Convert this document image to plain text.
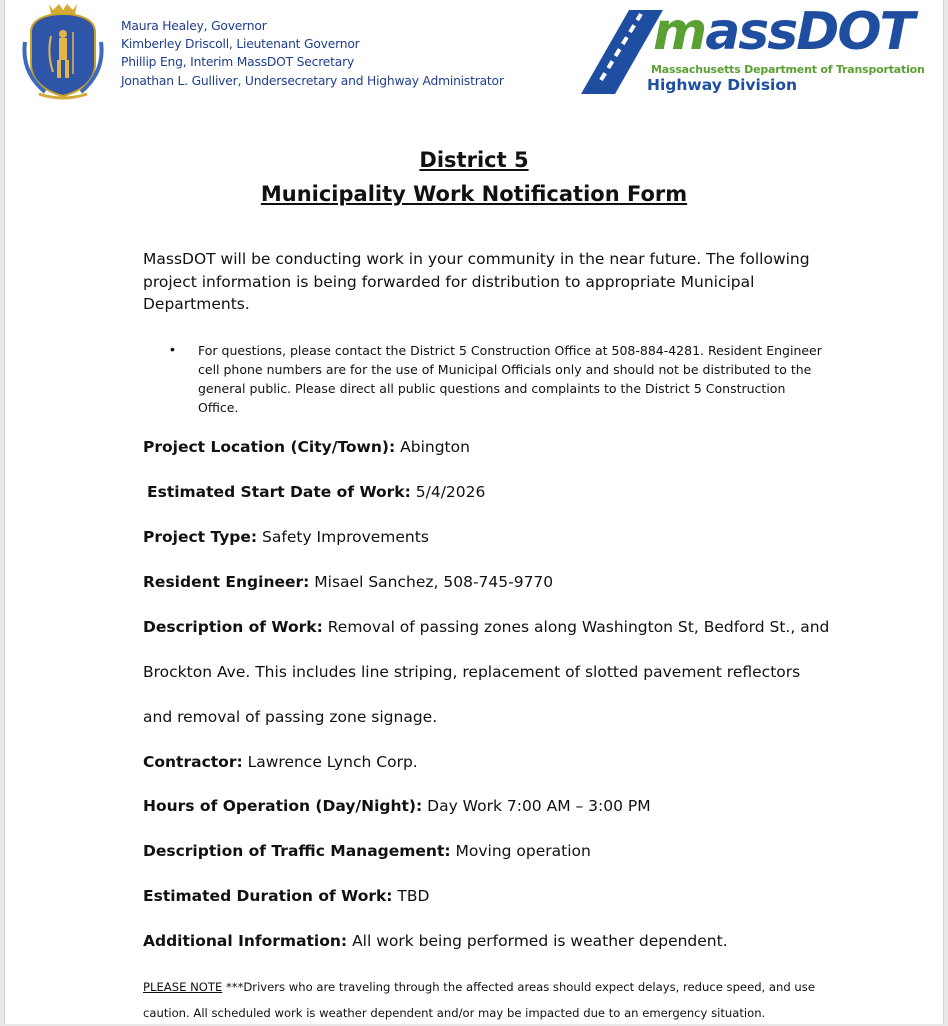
Maura Healey, Governor
Kimberley Driscoll, Lieutenant Governor
Phillip Eng, Interim MassDOT Secretary
Jonathan L. Gulliver, Undersecretary and Highway Administrator
massDOT
Massachusetts Department of Transportation
Highway Division
District 5
Municipality Work Notification Form
MassDOT will be conducting work in your community in the near future. The following project information is being forwarded for distribution to appropriate Municipal Departments.
• For questions, please contact the District 5 Construction Office at 508-884-4281. Resident Engineer cell phone numbers are for the use of Municipal Officials only and should not be distributed to the general public. Please direct all public questions and complaints to the District 5 Construction Office.
Project Location (City/Town): Abington
Estimated Start Date of Work: 5/4/2026
Project Type: Safety Improvements
Resident Engineer: Misael Sanchez, 508-745-9770
Description of Work: Removal of passing zones along Washington St, Bedford St., and
Brockton Ave. This includes line striping, replacement of slotted pavement reflectors
and removal of passing zone signage.
Contractor: Lawrence Lynch Corp.
Hours of Operation (Day/Night): Day Work 7:00 AM – 3:00 PM
Description of Traffic Management: Moving operation
Estimated Duration of Work: TBD
Additional Information: All work being performed is weather dependent.
PLEASE NOTE ***Drivers who are traveling through the affected areas should expect delays, reduce speed, and use caution. All scheduled work is weather dependent and/or may be impacted due to an emergency situation.
